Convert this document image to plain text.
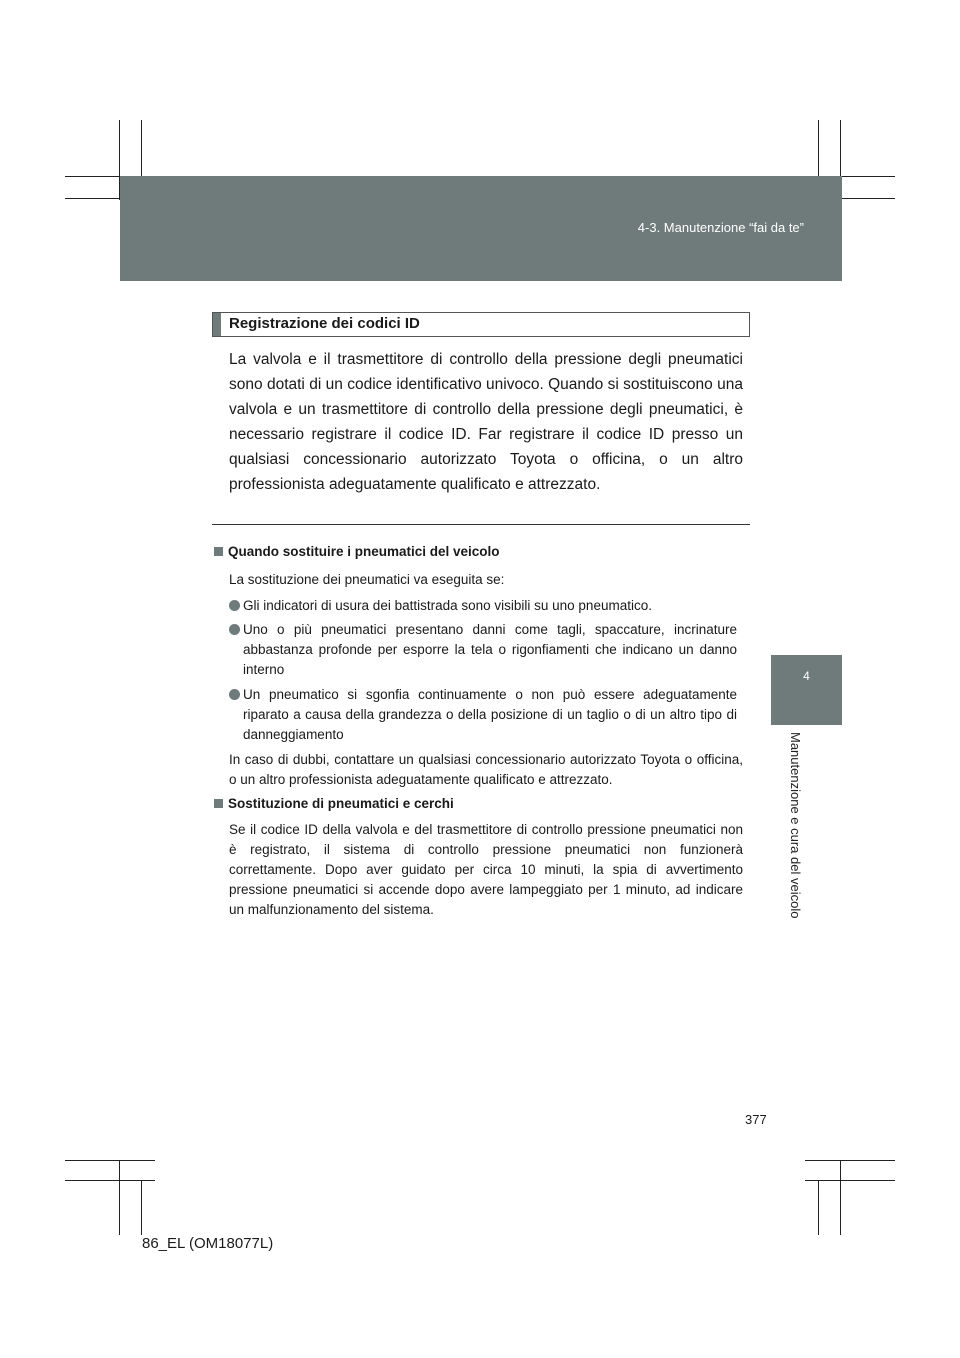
4-3. Manutenzione “fai da te”
4
Manutenzione e cura del veicolo
Registrazione dei codici ID

La valvola e il trasmettitore di controllo della pressione degli pneumatici sono dotati di un codice identificativo univoco. Quando si sostituiscono una valvola e un trasmettitore di controllo della pressione degli pneumatici, è necessario registrare il codice ID. Far registrare il codice ID presso un qualsiasi concessionario autorizzato Toyota o officina, o un altro professionista adeguatamente qualificato e attrezzato.

Quando sostituire i pneumatici del veicolo

La sostituzione dei pneumatici va eseguita se:

Gli indicatori di usura dei battistrada sono visibili su uno pneumatico.
Uno o più pneumatici presentano danni come tagli, spaccature, incrinature abbastanza profonde per esporre la tela o rigonfiamenti che indicano un danno interno
Un pneumatico si sgonfia continuamente o non può essere adeguatamente riparato a causa della grandezza o della posizione di un taglio o di un altro tipo di danneggiamento

In caso di dubbi, contattare un qualsiasi concessionario autorizzato Toyota o officina, o un altro professionista adeguatamente qualificato e attrezzato.

Sostituzione di pneumatici e cerchi

Se il codice ID della valvola e del trasmettitore di controllo pressione pneumatici non è registrato, il sistema di controllo pressione pneumatici non funzionerà correttamente. Dopo aver guidato per circa 10 minuti, la spia di avvertimento pressione pneumatici si accende dopo avere lampeggiato per 1 minuto, ad indicare un malfunzionamento del sistema.

377
86_EL (OM18077L)
